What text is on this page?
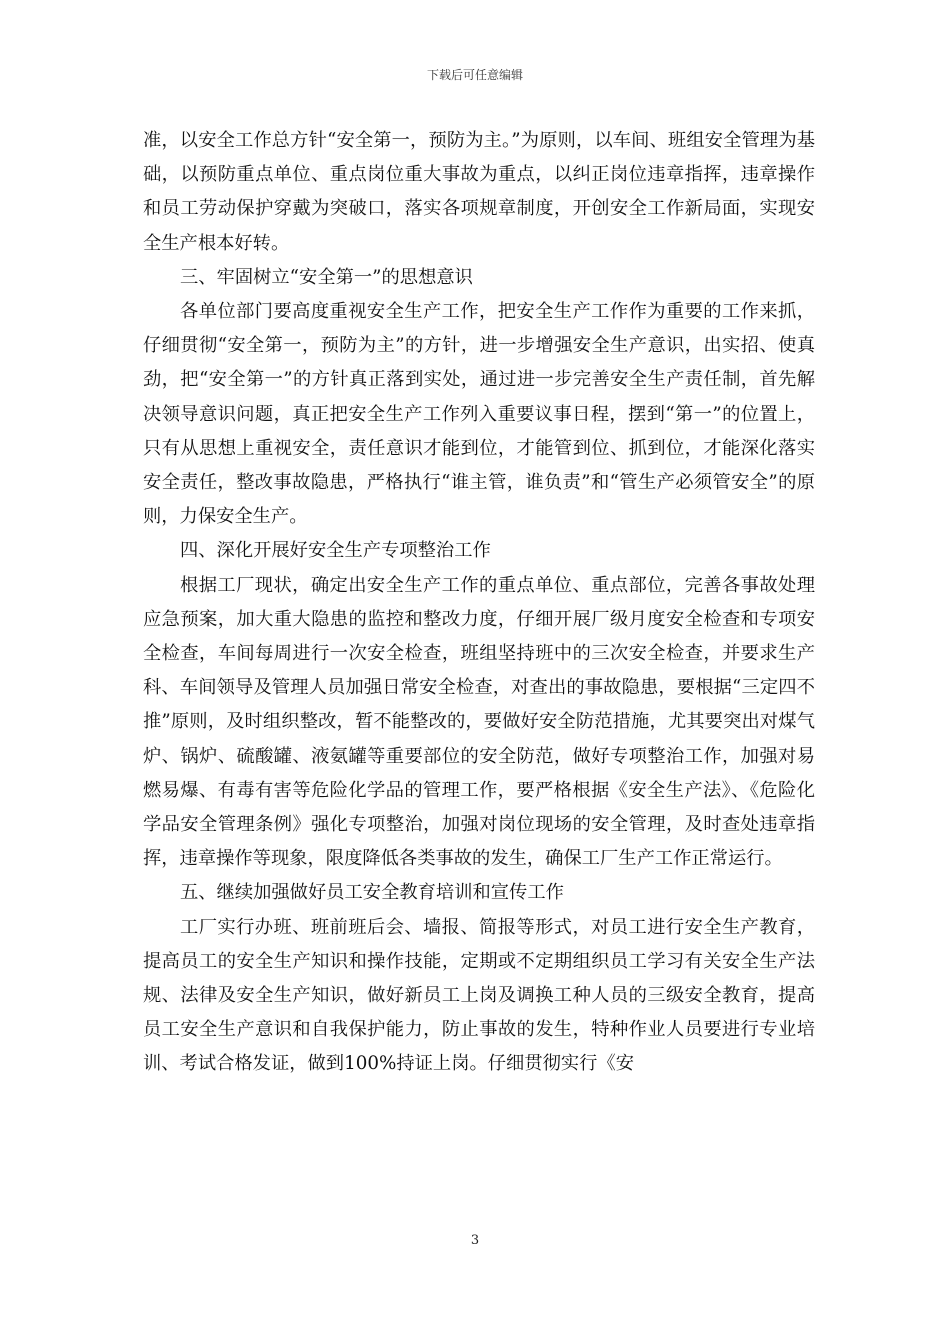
下载后可任意编辑

准，以安全工作总方针“安全第一，预防为主。”为原则，以车间、班组安全管理为基础，以预防重点单位、重点岗位重大事故为重点，以纠正岗位违章指挥，违章操作和员工劳动保护穿戴为突破口，落实各项规章制度，开创安全工作新局面，实现安全生产根本好转。

三、牢固树立“安全第一”的思想意识

各单位部门要高度重视安全生产工作，把安全生产工作作为重要的工作来抓，仔细贯彻“安全第一，预防为主”的方针，进一步增强安全生产意识，出实招、使真劲，把“安全第一”的方针真正落到实处，通过进一步完善安全生产责任制，首先解决领导意识问题，真正把安全生产工作列入重要议事日程，摆到“第一”的位置上，只有从思想上重视安全，责任意识才能到位，才能管到位、抓到位，才能深化落实安全责任，整改事故隐患，严格执行“谁主管，谁负责”和“管生产必须管安全”的原则，力保安全生产。

四、深化开展好安全生产专项整治工作

根据工厂现状，确定出安全生产工作的重点单位、重点部位，完善各事故处理应急预案，加大重大隐患的监控和整改力度，仔细开展厂级月度安全检查和专项安全检查，车间每周进行一次安全检查，班组坚持班中的三次安全检查，并要求生产科、车间领导及管理人员加强日常安全检查，对查出的事故隐患，要根据“三定四不推”原则，及时组织整改，暂不能整改的，要做好安全防范措施，尤其要突出对煤气炉、锅炉、硫酸罐、液氨罐等重要部位的安全防范，做好专项整治工作，加强对易燃易爆、有毒有害等危险化学品的管理工作，要严格根据《安全生产法》、《危险化学品安全管理条例》强化专项整治，加强对岗位现场的安全管理，及时查处违章指挥，违章操作等现象，限度降低各类事故的发生，确保工厂生产工作正常运行。

五、继续加强做好员工安全教育培训和宣传工作

工厂实行办班、班前班后会、墙报、简报等形式，对员工进行安全生产教育，提高员工的安全生产知识和操作技能，定期或不定期组织员工学习有关安全生产法规、法律及安全生产知识，做好新员工上岗及调换工种人员的三级安全教育，提高员工安全生产意识和自我保护能力，防止事故的发生，特种作业人员要进行专业培训、考试合格发证，做到100%持证上岗。仔细贯彻实行《安

3
